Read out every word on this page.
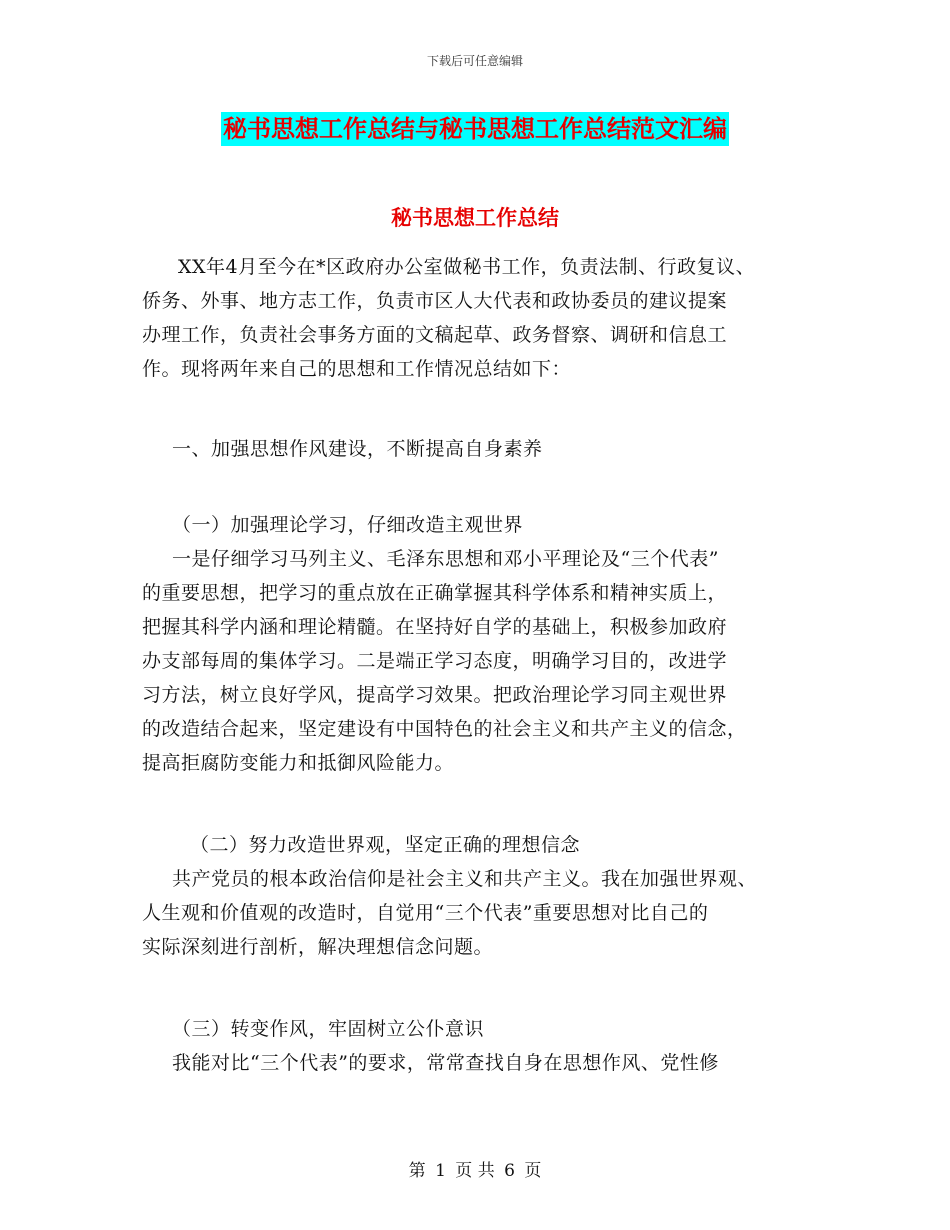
下载后可任意编辑
秘书思想工作总结与秘书思想工作总结范文汇编
秘书思想工作总结
XX年4月至今在*区政府办公室做秘书工作，负责法制、行政复议、
侨务、外事、地方志工作，负责市区人大代表和政协委员的建议提案
办理工作，负责社会事务方面的文稿起草、政务督察、调研和信息工
作。现将两年来自己的思想和工作情况总结如下：
一、加强思想作风建设，不断提高自身素养
（一）加强理论学习，仔细改造主观世界
一是仔细学习马列主义、毛泽东思想和邓小平理论及“三个代表”
的重要思想，把学习的重点放在正确掌握其科学体系和精神实质上，
把握其科学内涵和理论精髓。在坚持好自学的基础上，积极参加政府
办支部每周的集体学习。二是端正学习态度，明确学习目的，改进学
习方法，树立良好学风，提高学习效果。把政治理论学习同主观世界
的改造结合起来，坚定建设有中国特色的社会主义和共产主义的信念，
提高拒腐防变能力和抵御风险能力。
（二）努力改造世界观，坚定正确的理想信念
共产党员的根本政治信仰是社会主义和共产主义。我在加强世界观、
人生观和价值观的改造时，自觉用“三个代表”重要思想对比自己的
实际深刻进行剖析，解决理想信念问题。
（三）转变作风，牢固树立公仆意识
我能对比“三个代表”的要求，常常查找自身在思想作风、党性修
第 1 页 共 6 页
